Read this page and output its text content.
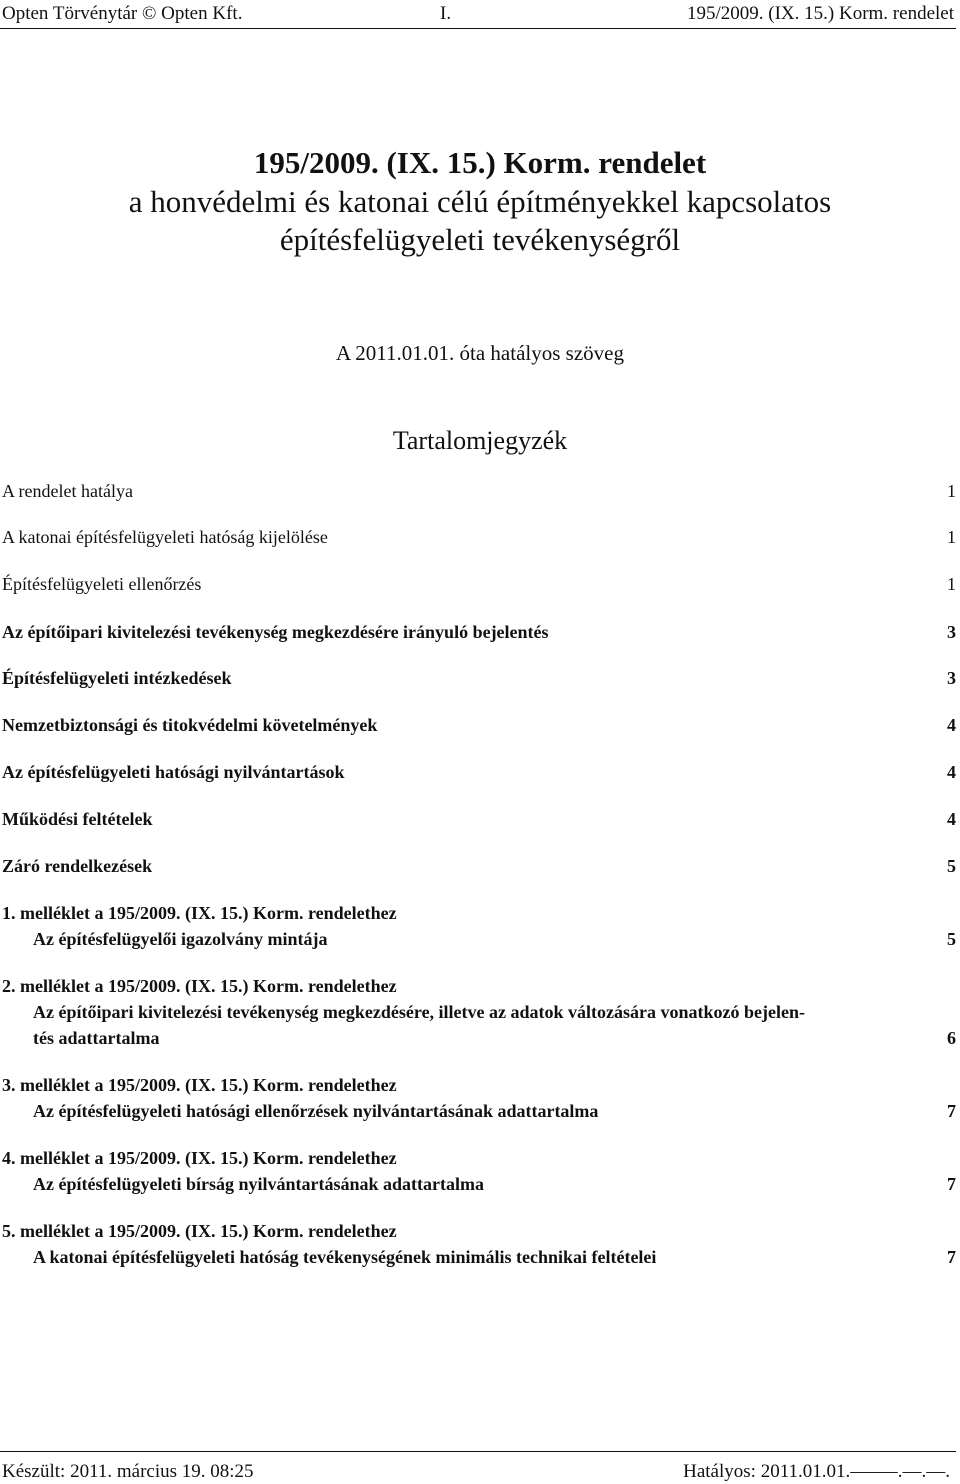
Opten Törvénytár © Opten Kft.	I.	195/2009. (IX. 15.) Korm. rendelet
195/2009. (IX. 15.) Korm. rendelet
a honvédelmi és katonai célú építményekkel kapcsolatos
építésfelügyeleti tevékenységről
A 2011.01.01. óta hatályos szöveg
Tartalomjegyzék
A rendelet hatálya	1
A katonai építésfelügyeleti hatóság kijelölése	1
Építésfelügyeleti ellenőrzés	1
Az építőipari kivitelezési tevékenység megkezdésére irányuló bejelentés	3
Építésfelügyeleti intézkedések	3
Nemzetbiztonsági és titokvédelmi követelmények	4
Az építésfelügyeleti hatósági nyilvántartások	4
Működési feltételek	4
Záró rendelkezések	5
1. melléklet a 195/2009. (IX. 15.) Korm. rendelethez
Az építésfelügyelői igazolvány mintája	5
2. melléklet a 195/2009. (IX. 15.) Korm. rendelethez
Az építőipari kivitelezési tevékenység megkezdésére, illetve az adatok változására vonatkozó bejelen-
tés adattartalma	6
3. melléklet a 195/2009. (IX. 15.) Korm. rendelethez
Az építésfelügyeleti hatósági ellenőrzések nyilvántartásának adattartalma	7
4. melléklet a 195/2009. (IX. 15.) Korm. rendelethez
Az építésfelügyeleti bírság nyilvántartásának adattartalma	7
5. melléklet a 195/2009. (IX. 15.) Korm. rendelethez
A katonai építésfelügyeleti hatóság tevékenységének minimális technikai feltételei	7
Készült: 2011. március 19. 08:25	Hatályos: 2011.01.01.–––––.––.––.
